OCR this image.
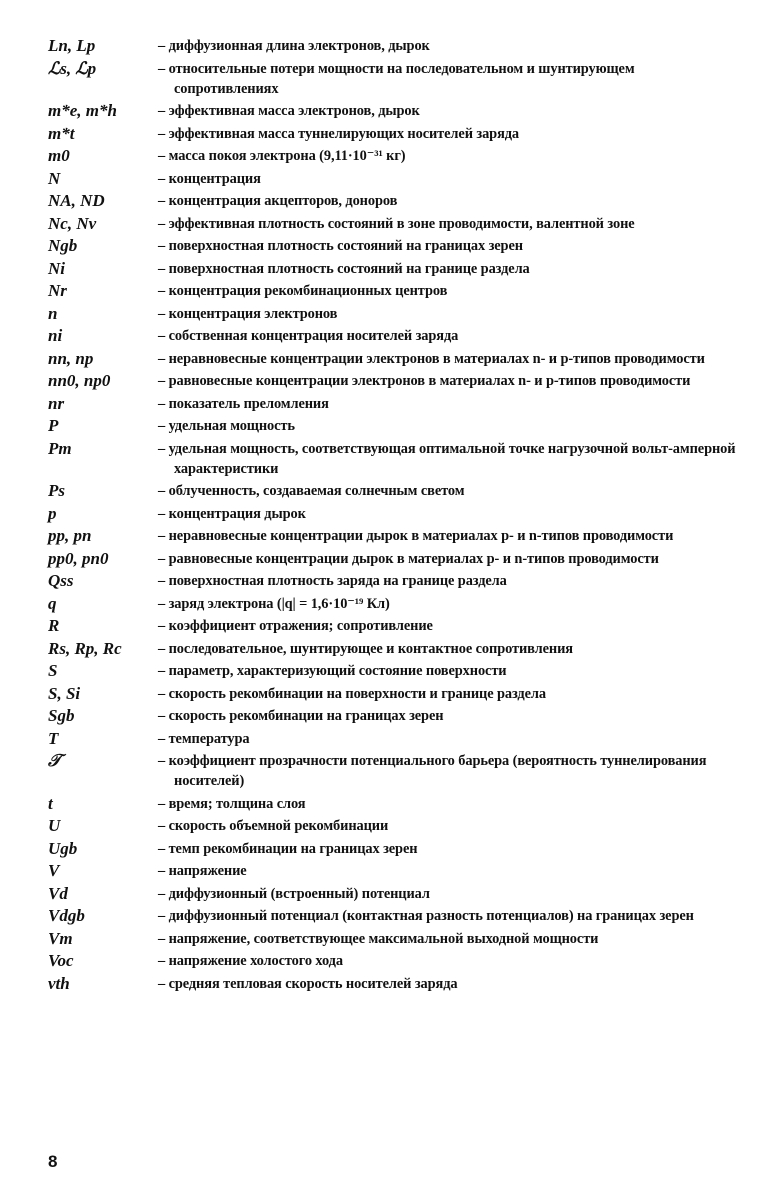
Ln, Lp	– диффузионная длина электронов, дырок
ℒs, ℒp	– относительные потери мощности на последовательном и шунтирующем сопротивлениях
m*e, m*h	– эффективная масса электронов, дырок
m*t	– эффективная масса туннелирующих носителей заряда
m0	– масса покоя электрона (9,11·10⁻³¹ кг)
N	– концентрация
NA, ND	– концентрация акцепторов, доноров
Nc, Nv	– эффективная плотность состояний в зоне проводимости, валентной зоне
Ngb	– поверхностная плотность состояний на границах зерен
Ni	– поверхностная плотность состояний на границе раздела
Nr	– концентрация рекомбинационных центров
n	– концентрация электронов
ni	– собственная концентрация носителей заряда
nn, np	– неравновесные концентрации электронов в материалах n- и p-типов проводимости
nn0, np0	– равновесные концентрации электронов в материалах n- и p-типов проводимости
nr	– показатель преломления
P	– удельная мощность
Pm	– удельная мощность, соответствующая оптимальной точке нагрузочной вольт-амперной характеристики
Ps	– облученность, создаваемая солнечным светом
p	– концентрация дырок
pp, pn	– неравновесные концентрации дырок в материалах p- и n-типов проводимости
pp0, pn0	– равновесные концентрации дырок в материалах p- и n-типов проводимости
Qss	– поверхностная плотность заряда на границе раздела
q	– заряд электрона (|q| = 1,6·10⁻¹⁹ Кл)
R	– коэффициент отражения; сопротивление
Rs, Rp, Rc	– последовательное, шунтирующее и контактное сопротивления
S	– параметр, характеризующий состояние поверхности
S, Si	– скорость рекомбинации на поверхности и границе раздела
Sgb	– скорость рекомбинации на границах зерен
T	– температура
𝒯	– коэффициент прозрачности потенциального барьера (вероятность туннелирования носителей)
t	– время; толщина слоя
U	– скорость объемной рекомбинации
Ugb	– темп рекомбинации на границах зерен
V	– напряжение
Vd	– диффузионный (встроенный) потенциал
Vdgb	– диффузионный потенциал (контактная разность потенциалов) на границах зерен
Vm	– напряжение, соответствующее максимальной выходной мощности
Voc	– напряжение холостого хода
vth	– средняя тепловая скорость носителей заряда
8
